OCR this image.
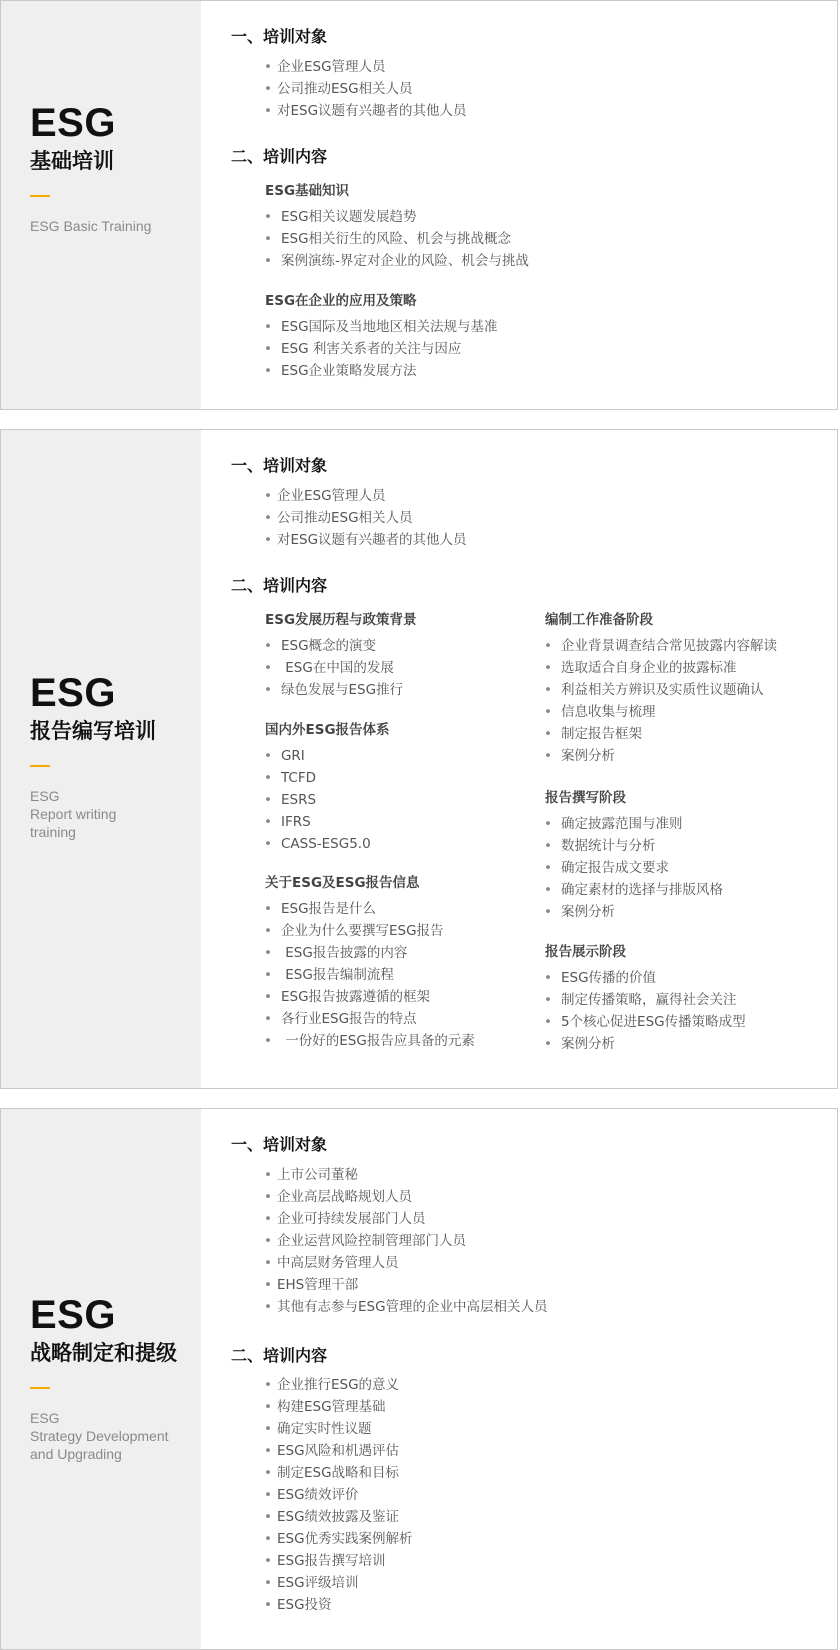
ESG
基础培训
ESG Basic Training
一、培训对象
• 企业ESG管理人员
• 公司推动ESG相关人员
• 对ESG议题有兴趣者的其他人员
二、培训内容
ESG基础知识
• ESG相关议题发展趋势
• ESG相关衍生的风险、机会与挑战概念
• 案例演练-界定对企业的风险、机会与挑战
ESG在企业的应用及策略
• ESG国际及当地地区相关法规与基准
• ESG 利害关系者的关注与因应
• ESG企业策略发展方法
ESG
报告编写培训
ESG
Report writing
training
一、培训对象
• 企业ESG管理人员
• 公司推动ESG相关人员
• 对ESG议题有兴趣者的其他人员
二、培训内容
ESG发展历程与政策背景
• ESG概念的演变
• ESG在中国的发展
• 绿色发展与ESG推行
国内外ESG报告体系
• GRI
• TCFD
• ESRS
• IFRS
• CASS-ESG5.0
关于ESG及ESG报告信息
• ESG报告是什么
• 企业为什么要撰写ESG报告
• ESG报告披露的内容
• ESG报告编制流程
• ESG报告披露遵循的框架
• 各行业ESG报告的特点
• 一份好的ESG报告应具备的元素
编制工作准备阶段
• 企业背景调查结合常见披露内容解读
• 选取适合自身企业的披露标准
• 利益相关方辨识及实质性议题确认
• 信息收集与梳理
• 制定报告框架
• 案例分析
报告撰写阶段
• 确定披露范围与准则
• 数据统计与分析
• 确定报告成文要求
• 确定素材的选择与排版风格
• 案例分析
报告展示阶段
• ESG传播的价值
• 制定传播策略，赢得社会关注
• 5个核心促进ESG传播策略成型
• 案例分析
ESG
战略制定和提级
ESG
Strategy Development
and Upgrading
一、培训对象
• 上市公司董秘
• 企业高层战略规划人员
• 企业可持续发展部门人员
• 企业运营风险控制管理部门人员
• 中高层财务管理人员
• EHS管理干部
• 其他有志参与ESG管理的企业中高层相关人员
二、培训内容
• 企业推行ESG的意义
• 构建ESG管理基础
• 确定实时性议题
• ESG风险和机遇评估
• 制定ESG战略和目标
• ESG绩效评价
• ESG绩效披露及鉴证
• ESG优秀实践案例解析
• ESG报告撰写培训
• ESG评级培训
• ESG投资
